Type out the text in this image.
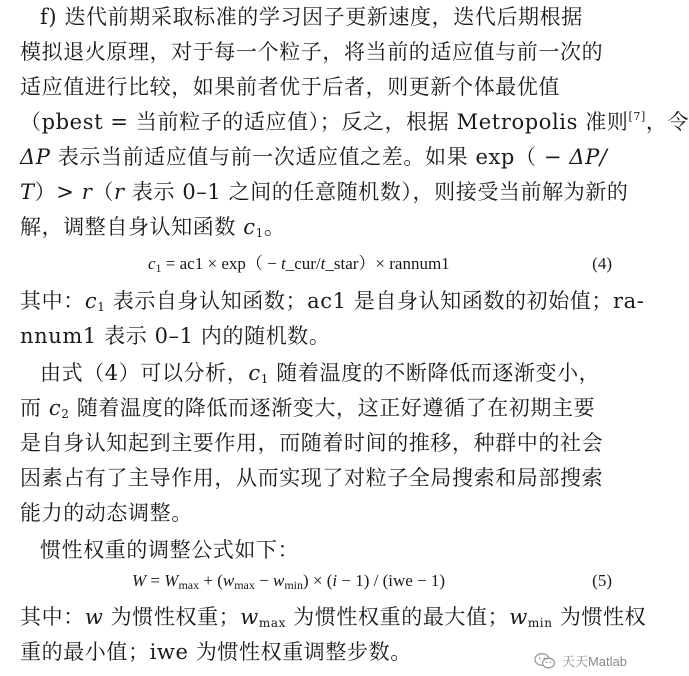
f) 迭代前期采取标准的学习因子更新速度，迭代后期根据
模拟退火原理，对于每一个粒子，将当前的适应值与前一次的
适应值进行比较，如果前者优于后者，则更新个体最优值
（pbest = 当前粒子的适应值）；反之，根据 Metropolis 准则[7]，令
ΔP 表示当前适应值与前一次适应值之差。如果 exp（ − ΔP/
T）> r（r 表示 0–1 之间的任意随机数），则接受当前解为新的
解，调整自身认知函数 $c_1$。
$c_1 = ac1 \times \exp$（ − t_cur/t_star）× rannum1	(4)
其中：$c_1$ 表示自身认知函数；ac1 是自身认知函数的初始值；ra-
nnum1 表示 0–1 内的随机数。
由式（4）可以分析，$c_1$ 随着温度的不断降低而逐渐变小，
而 $c_2$ 随着温度的降低而逐渐变大，这正好遵循了在初期主要
是自身认知起到主要作用，而随着时间的推移，种群中的社会
因素占有了主导作用，从而实现了对粒子全局搜索和局部搜索
能力的动态调整。
惯性权重的调整公式如下：
$W = W_{max} + (w_{max} - w_{min}) \times (i - 1) / (iwe - 1)$	(5)
其中：w 为惯性权重；$w_{max}$ 为惯性权重的最大值；$w_{min}$ 为惯性权
重的最小值；iwe 为惯性权重调整步数。	天天Matlab
